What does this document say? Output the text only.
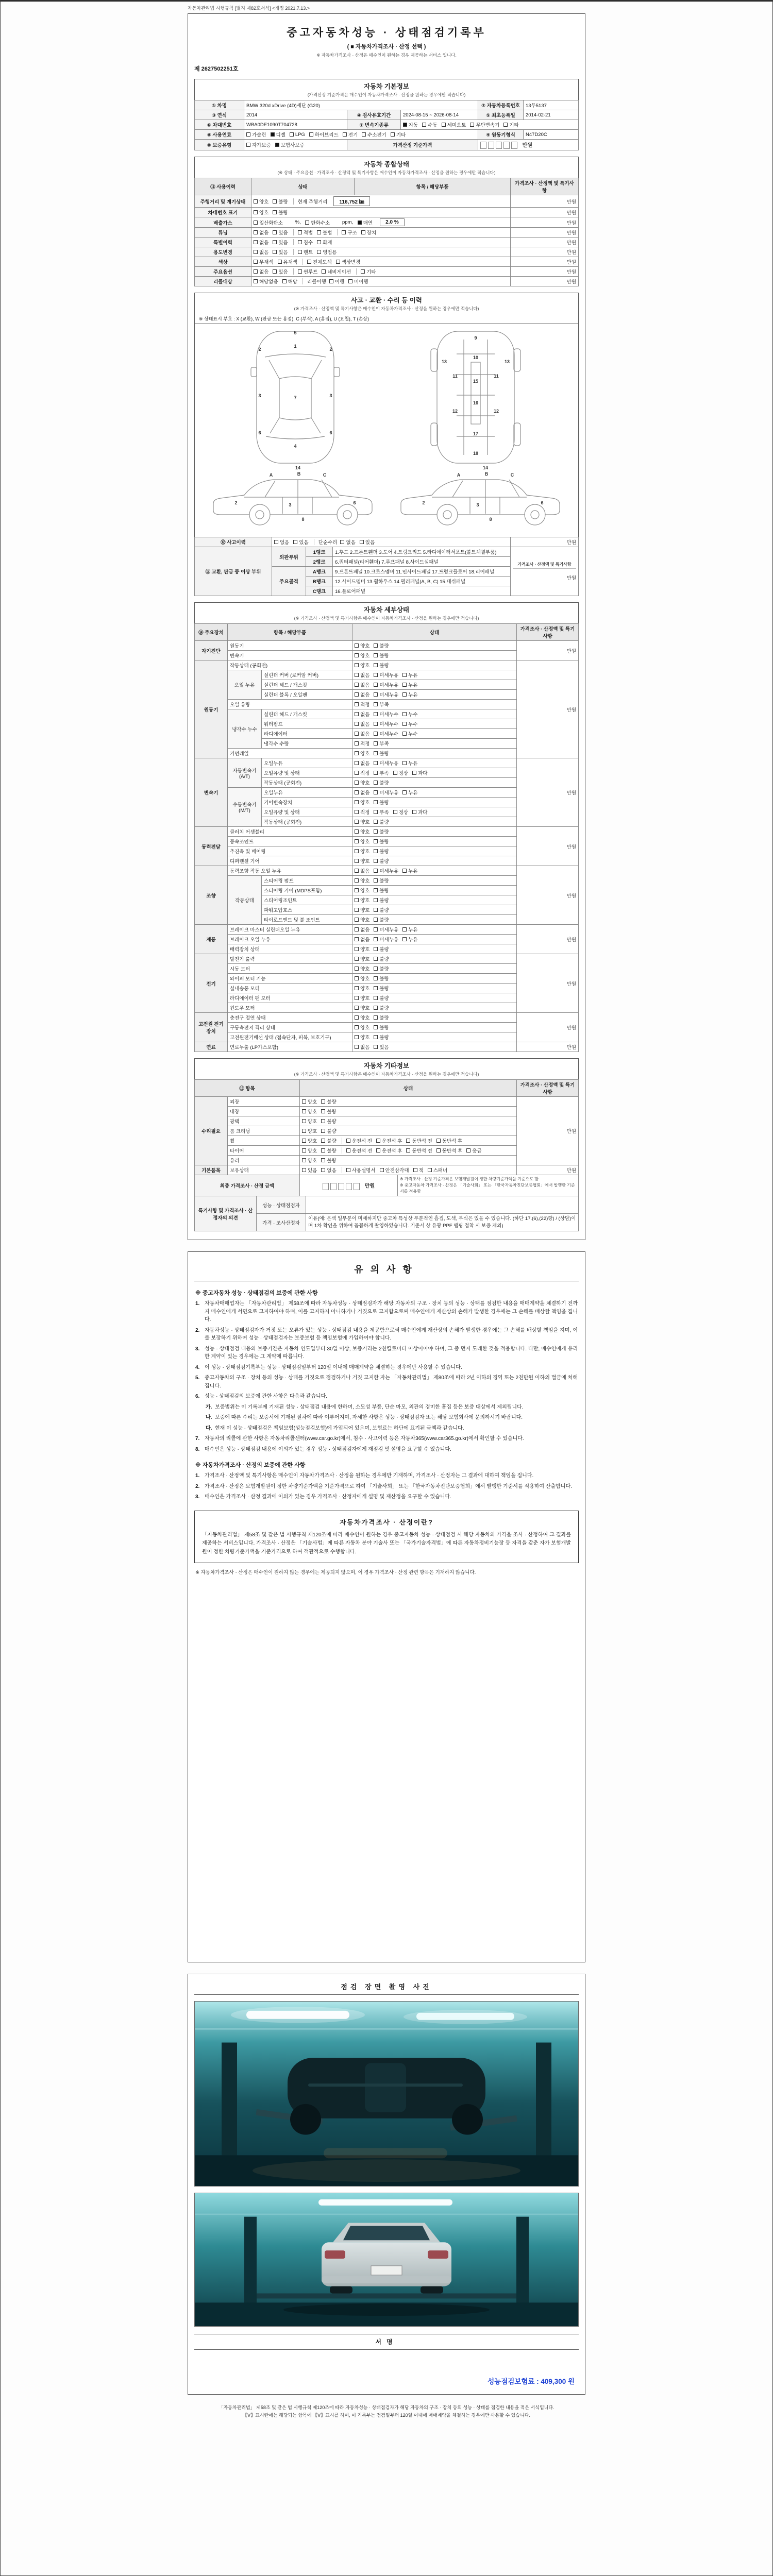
자동차관리법 시행규칙 [별지 제82호서식] <개정 2021.7.13.>
중고자동차성능 · 상태점검기록부
( ■ 자동차가격조사 · 산정 선택 )
※ 자동차가격조사 · 산정은 매수인이 원하는 경우 제공하는 서비스 입니다.
제 2627502251호
자동차 기본정보
(가격산정 기준가격은 매수인이 자동차가격조사 · 산정을 원하는 경우에만 적습니다)
① 차명	BMW 320d xDrive (4D)세단 (G20)			② 자동차등록번호	13두5137
③ 연식	2014	④ 검사유효기간	2024-08-15 ~ 2026-08-14	⑤ 최초등록일	2014-02-21
⑥ 차대번호	WBA0DE1090T704728	⑦ 변속기종류	자동 수동 세미오토 무단변속기 기타		

⑧ 사용연료	가솔린 디젤 LPG 하이브리드 전기 수소전기 기타	⑨ 원동기형식	N47D20C
⑩ 보증유형	자가보증 보험사보증	가격산정 기준가격		만원	
자동차 종합상태
(※ 상태 · 주요옵션 · 가격조사 · 산정액 및 특기사항은 매수인이 자동차가격조사 · 산정을 원하는 경우에만 적습니다)
⑪ 사용이력	상태	항목 / 해당부품	가격조사 · 산정액 및 특기사항
주행거리 및 계기상태	양호 불량 현재 주행거리 116,752 ㎞		만원
차대번호 표기	양호 불량		만원
배출가스	일산화탄소 %, 탄화수소 ppm, 매연	2.0 %	만원
튜닝	없음 있음	적법 불법	구조 장치	만원
특별이력	없음 있음 침수 화재		만원
용도변경	없음 있음 렌트 영업용		만원
색상	무채색 유채색 전체도색 색상변경		만원
주요옵션	없음 있음 썬루프 네비게이션 기타		만원
리콜대상	해당없음 해당 리콜이행 이행 미이행		만원
사고 · 교환 · 수리 등 이력
(※ 가격조사 · 산정액 및 특기사항은 매수인이 자동차가격조사 · 산정을 원하는 경우에만 적습니다)
※ 상태표시 부호 : X (교환), W (판금 또는 용접), C (부식), A (흠집), U (요철), T (손상)
5
1
2	2
7
3	3
6	6
4
9
10
11	11
13	13
15
16
12	12
17
18
A	B	C
14
2	3	6
8
A	B	C
14
2	3	6
8
⑫ 사고이력	없음 있음 단순수리 없음 있음	만원
⑬ 교환, 판금 등 이상 부위	외판부위	1랭크	1.후드 2.프론트휀더 3.도어 4.트렁크리드 5.라디에이터서포트(볼트체결부품)	가격조사 · 산정액 및 특기사항
만원

		2랭크	6.쿼터패널(리어휀더) 7.루프패널 8.사이드실패널	
	주요골격	A랭크	9.프론트패널 10.크로스멤버 11.인사이드패널 17.트렁크플로어 18.리어패널	
		B랭크	12.사이드멤버 13.휠하우스 14.필러패널(A, B, C) 15.대쉬패널	
		C랭크	16.플로어패널	
자동차 세부상태
(※ 가격조사 · 산정액 및 특기사항은 매수인이 자동차가격조사 · 산정을 원하는 경우에만 적습니다)
⑭ 주요장치	항목 / 해당부품		상태	가격조사 · 산정액 및 특기사항
자기진단	원동기		양호 불량	만원
	변속기		양호 불량	

원동기	작동상태 (공회전)		양호 불량	만원
	오일 누유	실린더 커버 (로커암 커버)	없음 미세누유 누유	

		실린더 헤드 / 개스킷	없음 미세누유 누유	

		실린더 블록 / 오일팬	없음 미세누유 누유	

	오일 유량		적정 부족	

	냉각수 누수	실린더 헤드 / 개스킷	없음 미세누수 누수	

		워터펌프	없음 미세누수 누수	

		라디에이터	없음 미세누수 누수	

		냉각수 수량	적정 부족	

	커먼레일		양호 불량	

변속기	자동변속기 (A/T)	오일누유	없음 미세누유 누유	만원
		오일유량 및 상태	적정 부족 정상 과다	

		작동상태 (공회전)	양호 불량	

	수동변속기 (M/T)	오일누유	없음 미세누유 누유	

		기어변속장치	양호 불량	

		오일유량 및 상태	적정 부족 정상 과다	

		작동상태 (공회전)	양호 불량	

동력전달	클러치 어셈블리		양호 불량	만원
	등속조인트		양호 불량	

	추진축 및 베어링		양호 불량	

	디퍼렌셜 기어		양호 불량	

조향	동력조향 작동 오일 누유		없음 미세누유 누유	만원
	작동상태	스티어링 펌프	양호 불량	

		스티어링 기어 (MDPS포함)	양호 불량	

		스티어링조인트	양호 불량	

		파워고압호스	양호 불량	

		타이로드엔드 및 볼 조인트	양호 불량	

제동	브레이크 마스터 실린더오일 누유		없음 미세누유 누유	만원
	브레이크 오일 누유		없음 미세누유 누유	

	배력장치 상태		양호 불량	

전기	발전기 출력		양호 불량	만원
	시동 모터		양호 불량	

	와이퍼 모터 기능		양호 불량	

	실내송풍 모터		양호 불량	

	라디에이터 팬 모터		양호 불량	

	윈도우 모터		양호 불량	

고전원 전기장치	충전구 절연 상태		양호 불량	만원
	구동축전지 격리 상태		양호 불량	

	고전원전기배선 상태 (접속단자, 피복, 보호기구)		양호 불량	

연료	연료누출 (LP가스포함)		없음 있음	만원
자동차 기타정보
(※ 가격조사 · 산정액 및 특기사항은 매수인이 자동차가격조사 · 산정을 원하는 경우에만 적습니다)
⑮ 항목		상태	가격조사 · 산정액 및 특기사항
수리필요	외장	양호 불량	만원
	내장	양호 불량	

	광택	양호 불량	

	룸 크리닝	양호 불량	

휠	양호 불량	운전석 전 운전석 후 동반석 전 동반석 후

타이어	양호 불량	운전석 전 운전석 후 동반석 전 동반석 후 응급

	유리	양호 불량	

기본품목	보유상태	있음 없음	사용설명서 안전삼각대 잭 스패너	만원
최종 가격조사 · 산정 금액	만원	
※ 가격조사 · 산정 기준가격은 보험개발원이 정한 차량기준가액을 기준으로 함
※ 중고자동차 가격조사 · 산정은 「기술사회」 또는 「한국자동차진단보증협회」에서 발행한 기준서를 적용함
특기사항 및 가격조사 · 산정자의 의견	성능 · 상태점검자	
	가격 · 조사산정자	이유(예: 은색 일부분이 미세하지만 중고차 특성상 부분적인 흠집, 도색, 부식은 있을 수 있습니다. (하단 17.(6),(22)항) / (상담)이며 1차 확인을 위하여 꼼꼼하게 촬영하였습니다. 기준서 상 유광 PPF 랩핑 접착 시 보증 제외)
유의사항
※ 중고자동차 성능 · 상태점검의 보증에 관한 사항
1. 자동차매매업자는 「자동차관리법」 제58조에 따라 자동차성능 · 상태점검자가 해당 자동차의 구조 · 장치 등의 성능 · 상태를 점검한 내용을 매매계약을 체결하기 전까지 매수인에게 서면으로 고지하여야 하며, 이를 고지하지 아니하거나 거짓으로 고지함으로써 매수인에게 재산상의 손해가 발생한 경우에는 그 손해를 배상할 책임을 집니다.
2. 자동차성능 · 상태점검자가 거짓 또는 오류가 있는 성능 · 상태점검 내용을 제공함으로써 매수인에게 재산상의 손해가 발생한 경우에는 그 손해를 배상할 책임을 지며, 이를 보장하기 위하여 성능 · 상태점검자는 보증보험 등 책임보험에 가입하여야 합니다.
3. 성능 · 상태점검 내용의 보증기간은 자동차 인도일부터 30일 이상, 보증거리는 2천킬로미터 이상이어야 하며, 그 중 먼저 도래한 것을 적용합니다. 다만, 매수인에게 유리한 계약이 있는 경우에는 그 계약에 따릅니다.
4. 이 성능 · 상태점검기록부는 성능 · 상태점검일부터 120일 이내에 매매계약을 체결하는 경우에만 사용할 수 있습니다.
5. 중고자동차의 구조 · 장치 등의 성능 · 상태를 거짓으로 점검하거나 거짓 고지한 자는 「자동차관리법」 제80조에 따라 2년 이하의 징역 또는 2천만원 이하의 벌금에 처해집니다.
6. 성능 · 상태점검의 보증에 관한 사항은 다음과 같습니다.
가. 보증범위는 이 기록부에 기재된 성능 · 상태점검 내용에 한하며, 소모성 부품, 단순 마모, 외관의 경미한 흠집 등은 보증 대상에서 제외됩니다.
나. 보증에 따른 수리는 보증서에 기재된 절차에 따라 이루어지며, 자세한 사항은 성능 · 상태점검자 또는 해당 보험회사에 문의하시기 바랍니다.
다. 현재 이 성능 · 상태점검은 책임보험(성능점검보험)에 가입되어 있으며, 보험료는 하단에 표기된 금액과 같습니다.
7. 자동차의 리콜에 관한 사항은 자동차리콜센터(www.car.go.kr)에서, 침수 · 사고이력 등은 자동차365(www.car365.go.kr)에서 확인할 수 있습니다.
8. 매수인은 성능 · 상태점검 내용에 이의가 있는 경우 성능 · 상태점검자에게 재점검 및 설명을 요구할 수 있습니다.
※ 자동차가격조사 · 산정의 보증에 관한 사항
1. 가격조사 · 산정액 및 특기사항은 매수인이 자동차가격조사 · 산정을 원하는 경우에만 기재하며, 가격조사 · 산정자는 그 결과에 대하여 책임을 집니다.
2. 가격조사 · 산정은 보험개발원이 정한 차량기준가액을 기준가격으로 하여 「기술사회」 또는 「한국자동차진단보증협회」에서 발행한 기준서를 적용하여 산출합니다.
3. 매수인은 가격조사 · 산정 결과에 이의가 있는 경우 가격조사 · 산정자에게 설명 및 재산정을 요구할 수 있습니다.
자동차가격조사 · 산정이란?
「자동차관리법」 제58조 및 같은 법 시행규칙 제120조에 따라 매수인이 원하는 경우 중고자동차 성능 · 상태점검 시 해당 자동차의 가격을 조사 · 산정하여 그 결과를 제공하는 서비스입니다. 가격조사 · 산정은 「기술사법」에 따른 자동차 분야 기술사 또는 「국가기술자격법」에 따른 자동차정비기능장 등 자격을 갖춘 자가 보험개발원이 정한 차량기준가액을 기준가격으로 하여 객관적으로 수행합니다.
※ 자동차가격조사 · 산정은 매수인이 원하지 않는 경우에는 제공되지 않으며, 이 경우 가격조사 · 산정 관련 항목은 기재하지 않습니다.
점검 장면 촬영 사진
서명
성능점검보험료 : 409,300 원
「자동차관리법」 제58조 및 같은 법 시행규칙 제120조에 따라 자동차성능 · 상태점검자가 해당 자동차의 구조 · 장치 등의 성능 · 상태를 점검한 내용을 적은 서식입니다.
【Ⅴ】표시란에는 해당되는 항목에 【Ⅴ】표시를 하며, 이 기록부는 점검일부터 120일 이내에 매매계약을 체결하는 경우에만 사용할 수 있습니다.
